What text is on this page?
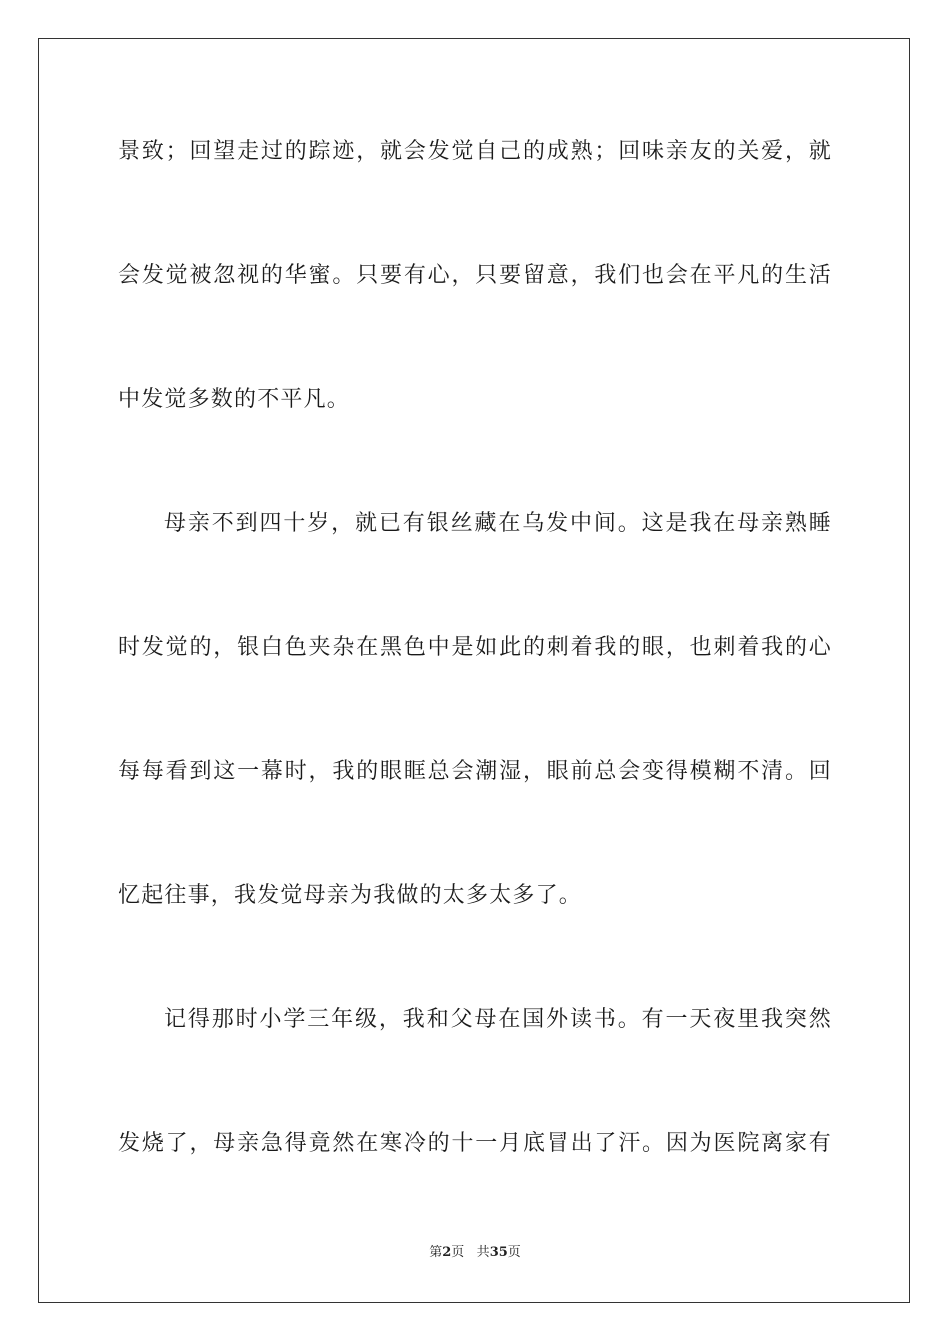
景致；回望走过的踪迹，就会发觉自己的成熟；回味亲友的关爱，就
会发觉被忽视的华蜜。只要有心，只要留意，我们也会在平凡的生活
中发觉多数的不平凡。
母亲不到四十岁，就已有银丝藏在乌发中间。这是我在母亲熟睡
时发觉的，银白色夹杂在黑色中是如此的刺着我的眼，也刺着我的心
每每看到这一幕时，我的眼眶总会潮湿，眼前总会变得模糊不清。回
忆起往事，我发觉母亲为我做的太多太多了。
记得那时小学三年级，我和父母在国外读书。有一天夜里我突然
发烧了，母亲急得竟然在寒冷的十一月底冒出了汗。因为医院离家有
第2页 共35页
